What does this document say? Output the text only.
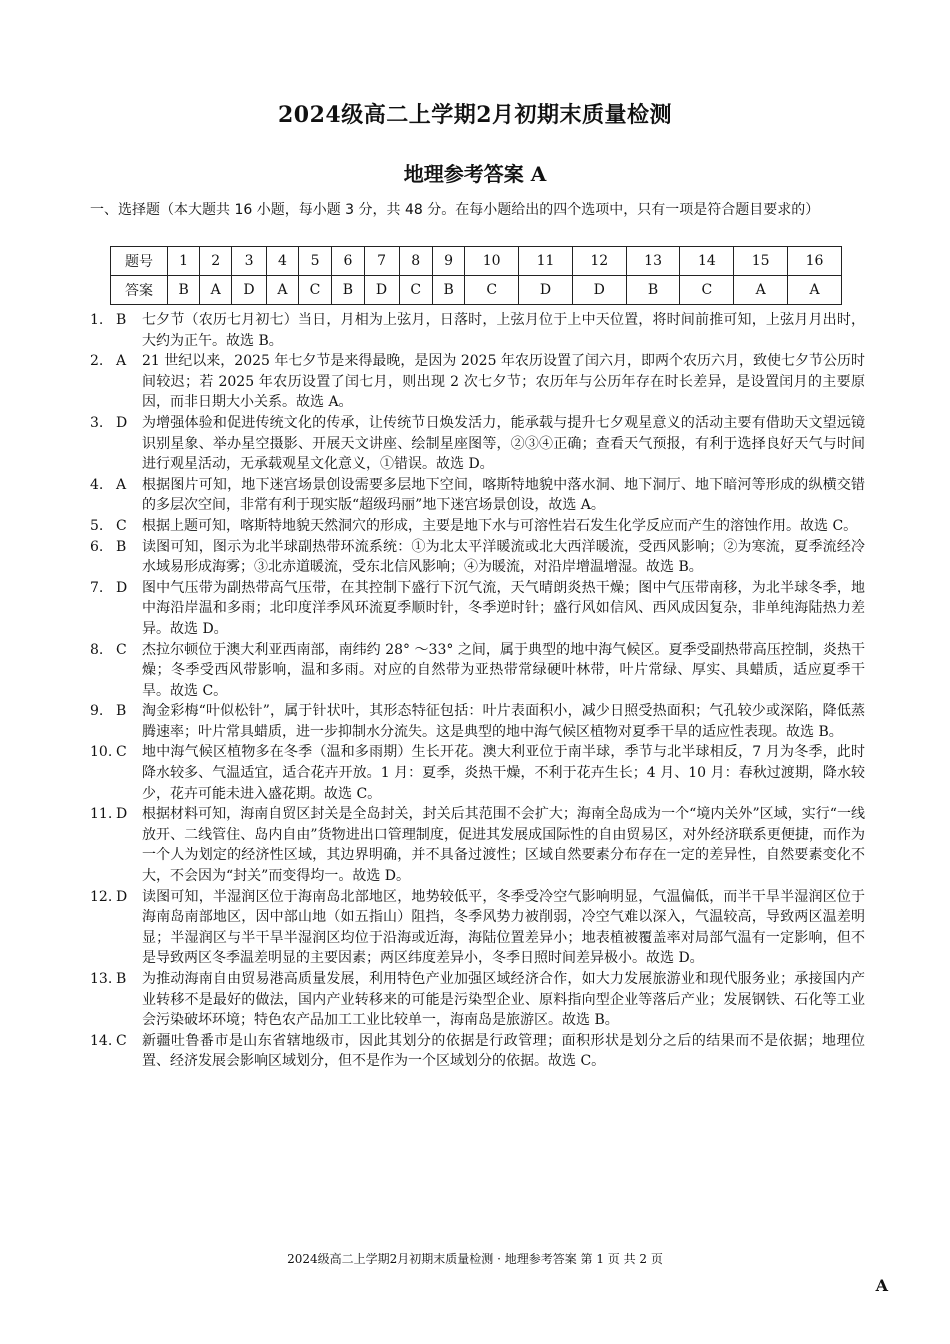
2024级高二上学期2月初期末质量检测
地理参考答案 A

一、选择题（本大题共 16 小题，每小题 3 分，共 48 分。在每小题给出的四个选项中，只有一项是符合题目要求的）

题号	1	2	3	4	5	6	7	8	9	10	11	12	13	14	15	16
答案	B	A	D	A	C	B	D	C	B	C	D	D	B	C	A	A
1. B	七夕节（农历七月初七）当日，月相为上弦月，日落时，上弦月位于上中天位置，将时间前推可知，上弦月月出时，大约为正午。故选 B。
2. A	21 世纪以来，2025 年七夕节是来得最晚，是因为 2025 年农历设置了闰六月，即两个农历六月，致使七夕节公历时间较迟；若 2025 年农历设置了闰七月，则出现 2 次七夕节；农历年与公历年存在时长差异，是设置闰月的主要原因，而非日期大小关系。故选 A。
3. D	为增强体验和促进传统文化的传承，让传统节日焕发活力，能承载与提升七夕观星意义的活动主要有借助天文望远镜识别星象、举办星空摄影、开展天文讲座、绘制星座图等，②③④正确；查看天气预报，有利于选择良好天气与时间进行观星活动，无承载观星文化意义，①错误。故选 D。
4. A	根据图片可知，地下迷宫场景创设需要多层地下空间，喀斯特地貌中落水洞、地下洞厅、地下暗河等形成的纵横交错的多层次空间，非常有利于现实版“超级玛丽”地下迷宫场景创设，故选 A。
5. C	根据上题可知，喀斯特地貌天然洞穴的形成，主要是地下水与可溶性岩石发生化学反应而产生的溶蚀作用。故选 C。
6. B	读图可知，图示为北半球副热带环流系统：①为北太平洋暖流或北大西洋暖流，受西风影响；②为寒流，夏季流经冷水域易形成海雾；③北赤道暖流，受东北信风影响；④为暖流，对沿岸增温增湿。故选 B。
7. D	图中气压带为副热带高气压带，在其控制下盛行下沉气流，天气晴朗炎热干燥；图中气压带南移，为北半球冬季，地中海沿岸温和多雨；北印度洋季风环流夏季顺时针，冬季逆时针；盛行风如信风、西风成因复杂，非单纯海陆热力差异。故选 D。
8. C	杰拉尔顿位于澳大利亚西南部，南纬约 28° ～33° 之间，属于典型的地中海气候区。夏季受副热带高压控制，炎热干燥；冬季受西风带影响，温和多雨。对应的自然带为亚热带常绿硬叶林带，叶片常绿、厚实、具蜡质，适应夏季干旱。故选 C。
9. B	淘金彩梅“叶似松针”，属于针状叶，其形态特征包括：叶片表面积小，减少日照受热面积；气孔较少或深陷，降低蒸腾速率；叶片常具蜡质，进一步抑制水分流失。这是典型的地中海气候区植物对夏季干旱的适应性表现。故选 B。
10. C	地中海气候区植物多在冬季（温和多雨期）生长开花。澳大利亚位于南半球，季节与北半球相反，7 月为冬季，此时降水较多、气温适宜，适合花卉开放。1 月：夏季，炎热干燥，不利于花卉生长；4 月、10 月：春秋过渡期，降水较少，花卉可能未进入盛花期。故选 C。
11. D	根据材料可知，海南自贸区封关是全岛封关，封关后其范围不会扩大；海南全岛成为一个“境内关外”区域，实行“一线放开、二线管住、岛内自由”货物进出口管理制度，促进其发展成国际性的自由贸易区，对外经济联系更便捷，而作为一个人为划定的经济性区域，其边界明确，并不具备过渡性；区域自然要素分布存在一定的差异性，自然要素变化不大，不会因为“封关”而变得均一。故选 D。
12. D	读图可知，半湿润区位于海南岛北部地区，地势较低平，冬季受冷空气影响明显，气温偏低，而半干旱半湿润区位于海南岛南部地区，因中部山地（如五指山）阻挡，冬季风势力被削弱，冷空气难以深入，气温较高，导致两区温差明显；半湿润区与半干旱半湿润区均位于沿海或近海，海陆位置差异小；地表植被覆盖率对局部气温有一定影响，但不是导致两区冬季温差明显的主要因素；两区纬度差异小，冬季日照时间差异极小。故选 D。
13. B	为推动海南自由贸易港高质量发展，利用特色产业加强区域经济合作，如大力发展旅游业和现代服务业；承接国内产业转移不是最好的做法，国内产业转移来的可能是污染型企业、原料指向型企业等落后产业；发展钢铁、石化等工业会污染破坏环境；特色农产品加工工业比较单一，海南岛是旅游区。故选 B。
14. C	新疆吐鲁番市是山东省辖地级市，因此其划分的依据是行政管理；面积形状是划分之后的结果而不是依据；地理位置、经济发展会影响区域划分，但不是作为一个区域划分的依据。故选 C。
2024级高二上学期2月初期末质量检测 · 地理参考答案 第 1 页 共 2 页
A
